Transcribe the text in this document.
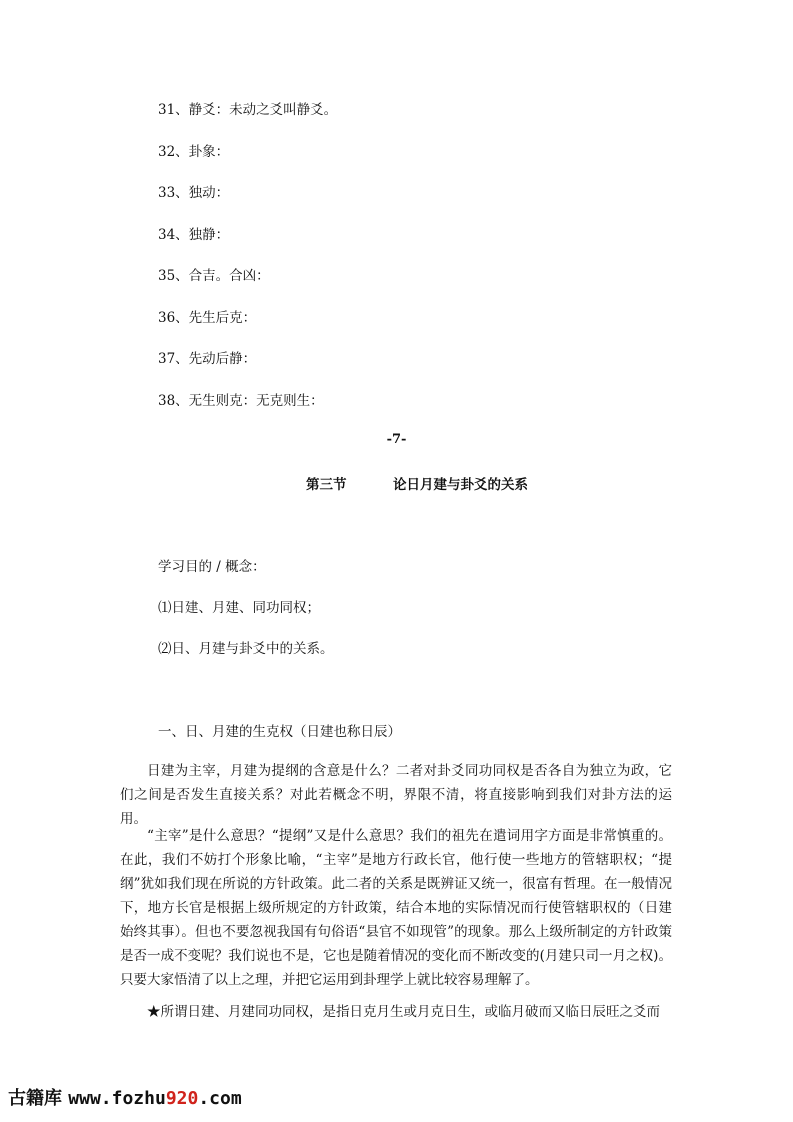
31、静爻：未动之爻叫静爻。
32、卦象：
33、独动：
34、独静：
35、合吉。合凶：
36、先生后克：
37、先动后静：
38、无生则克：无克则生：
-7-
第三节	论日月建与卦爻的关系
学习目的 / 概念：
⑴日建、月建、同功同权；
⑵日、月建与卦爻中的关系。
一、日、月建的生克权（日建也称日辰）
日建为主宰，月建为提纲的含意是什么？二者对卦爻同功同权是否各自为独立为政，它们之间是否发生直接关系？对此若概念不明，界限不清，将直接影响到我们对卦方法的运用。
“主宰”是什么意思？“提纲”又是什么意思？我们的祖先在遣词用字方面是非常慎重的。在此，我们不妨打个形象比喻，“主宰”是地方行政长官，他行使一些地方的管辖职权；“提纲”犹如我们现在所说的方针政策。此二者的关系是既辨证又统一，很富有哲理。在一般情况下，地方长官是根据上级所规定的方针政策，结合本地的实际情况而行使管辖职权的（日建始终其事）。但也不要忽视我国有句俗语“县官不如现管”的现象。那么上级所制定的方针政策是否一成不变呢？我们说也不是，它也是随着情况的变化而不断改变的(月建只司一月之权)。只要大家悟清了以上之理，并把它运用到卦理学上就比较容易理解了。
★所谓日建、月建同功同权，是指日克月生或月克日生，或临月破而又临日辰旺之爻而
古籍库 www.fozhu920.com
